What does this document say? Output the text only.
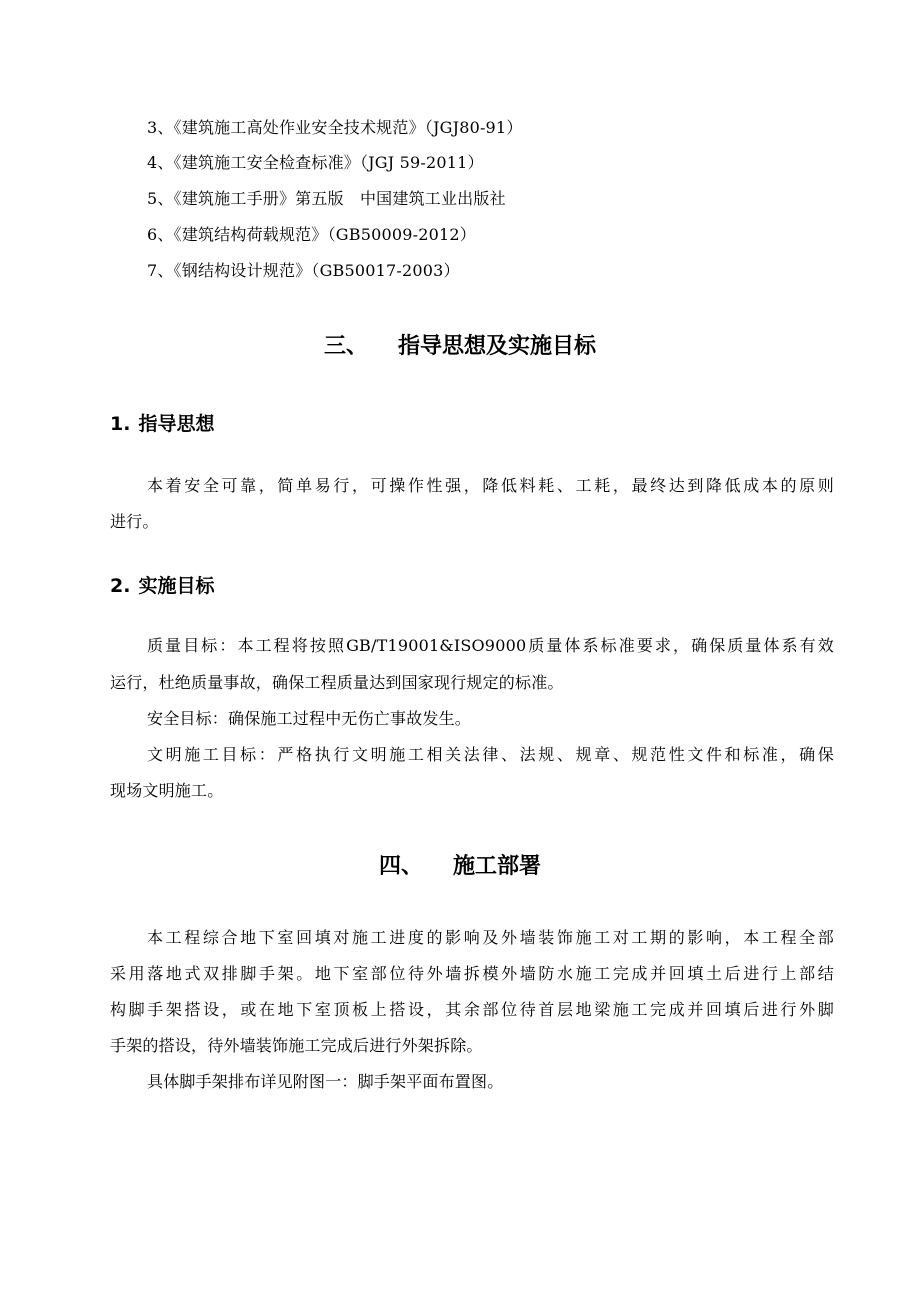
3、《建筑施工高处作业安全技术规范》（JGJ80-91）
4、《建筑施工安全检查标准》（JGJ 59-2011）
5、《建筑施工手册》第五版　中国建筑工业出版社
6、《建筑结构荷载规范》（GB50009-2012）
7、《钢结构设计规范》（GB50017-2003）
三、 指导思想及实施目标
1. 指导思想
本着安全可靠，简单易行，可操作性强，降低料耗、工耗，最终达到降低成本的原则
进行。
2. 实施目标
质量目标：本工程将按照GB/T19001&ISO9000质量体系标准要求，确保质量体系有效
运行，杜绝质量事故，确保工程质量达到国家现行规定的标准。
安全目标：确保施工过程中无伤亡事故发生。
文明施工目标：严格执行文明施工相关法律、法规、规章、规范性文件和标准，确保
现场文明施工。
四、 施工部署
本工程综合地下室回填对施工进度的影响及外墙装饰施工对工期的影响，本工程全部
采用落地式双排脚手架。地下室部位待外墙拆模外墙防水施工完成并回填土后进行上部结
构脚手架搭设，或在地下室顶板上搭设，其余部位待首层地梁施工完成并回填后进行外脚
手架的搭设，待外墙装饰施工完成后进行外架拆除。
具体脚手架排布详见附图一：脚手架平面布置图。
